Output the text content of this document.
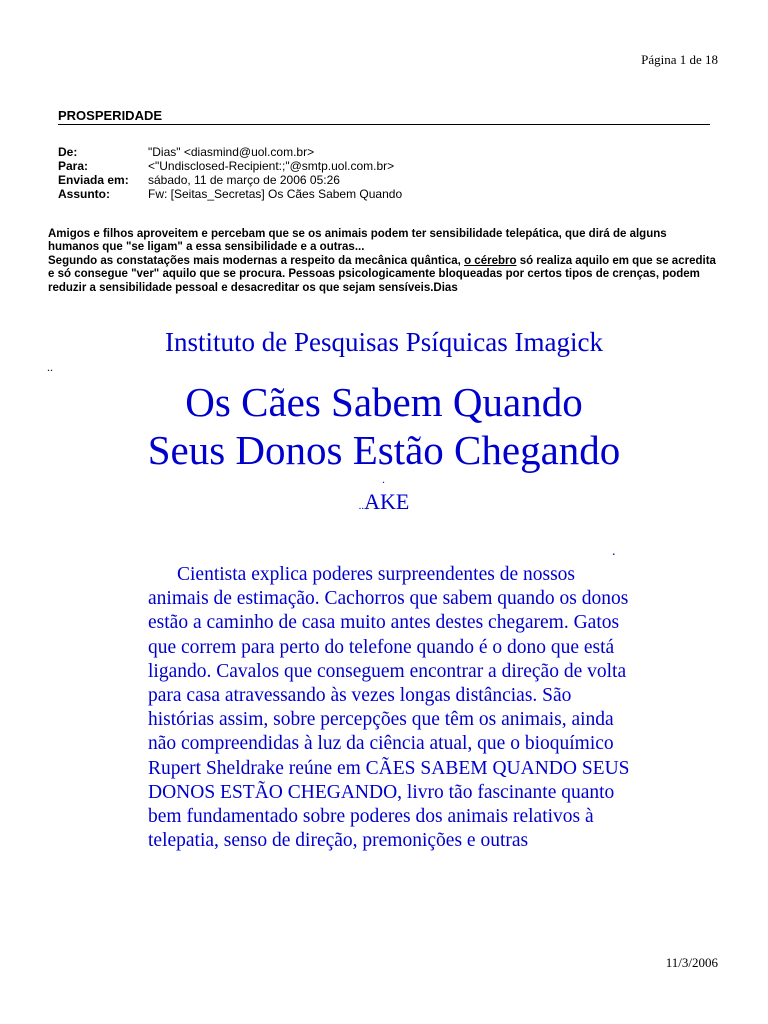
Página 1 de 18
PROSPERIDADE
De:	"Dias" <diasmind@uol.com.br>
Para:	<"Undisclosed-Recipient:;"@smtp.uol.com.br>
Enviada em:	sábado, 11 de março de 2006 05:26
Assunto:	Fw: [Seitas_Secretas] Os Cães Sabem Quando
Amigos e filhos aproveitem e percebam que se os animais podem ter sensibilidade telepática, que dirá de alguns humanos que "se ligam" a essa sensibilidade e a outras...
Segundo as constatações mais modernas a respeito da mecânica quântica, o cérebro só realiza aquilo em que se acredita e só consegue "ver" aquilo que se procura. Pessoas psicologicamente bloqueadas por certos tipos de crenças, podem reduzir a sensibilidade pessoal e desacreditar os que sejam sensíveis.Dias
Instituto de Pesquisas Psíquicas Imagick
..
Os Cães Sabem Quando
Seus Donos Estão Chegando
.
..AKE
.

Cientista explica poderes surpreendentes de nossos animais de estimação. Cachorros que sabem quando os donos estão a caminho de casa muito antes destes chegarem. Gatos que correm para perto do telefone quando é o dono que está ligando. Cavalos que conseguem encontrar a direção de volta para casa atravessando às vezes longas distâncias. São histórias assim, sobre percepções que têm os animais, ainda não compreendidas à luz da ciência atual, que o bioquímico Rupert Sheldrake reúne em CÃES SABEM QUANDO SEUS DONOS ESTÃO CHEGANDO, livro tão fascinante quanto bem fundamentado sobre poderes dos animais relativos à telepatia, senso de direção, premonições e outras

11/3/2006
